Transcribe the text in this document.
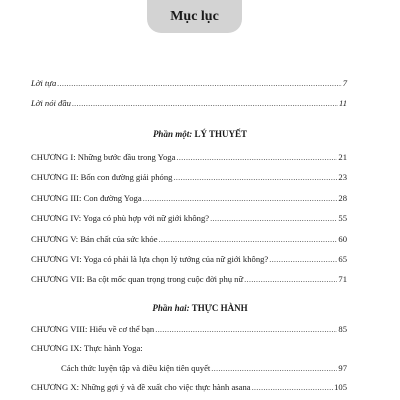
Mục lục
Lời tựa .....	7
Lời nói đầu .....	11
Phần một: LÝ THUYẾT
CHƯƠNG I: Những bước đầu trong Yoga .....	21
CHƯƠNG II: Bốn con đường giải phóng .....	23
CHƯƠNG III: Con đường Yoga .....	28
CHƯƠNG IV: Yoga có phù hợp với nữ giới không? .....	55
CHƯƠNG V: Bản chất của sức khỏe .....	60
CHƯƠNG VI: Yoga có phải là lựa chọn lý tưởng của nữ giới không? .....	65
CHƯƠNG VII: Ba cột mốc quan trọng trong cuộc đời phụ nữ .....	71
Phần hai: THỰC HÀNH
CHƯƠNG VIII: Hiểu về cơ thể bạn .....	85
CHƯƠNG IX: Thực hành Yoga:
Cách thức luyện tập và điều kiện tiên quyết .....	97
CHƯƠNG X: Những gợi ý và đề xuất cho việc thực hành asana .....	105
